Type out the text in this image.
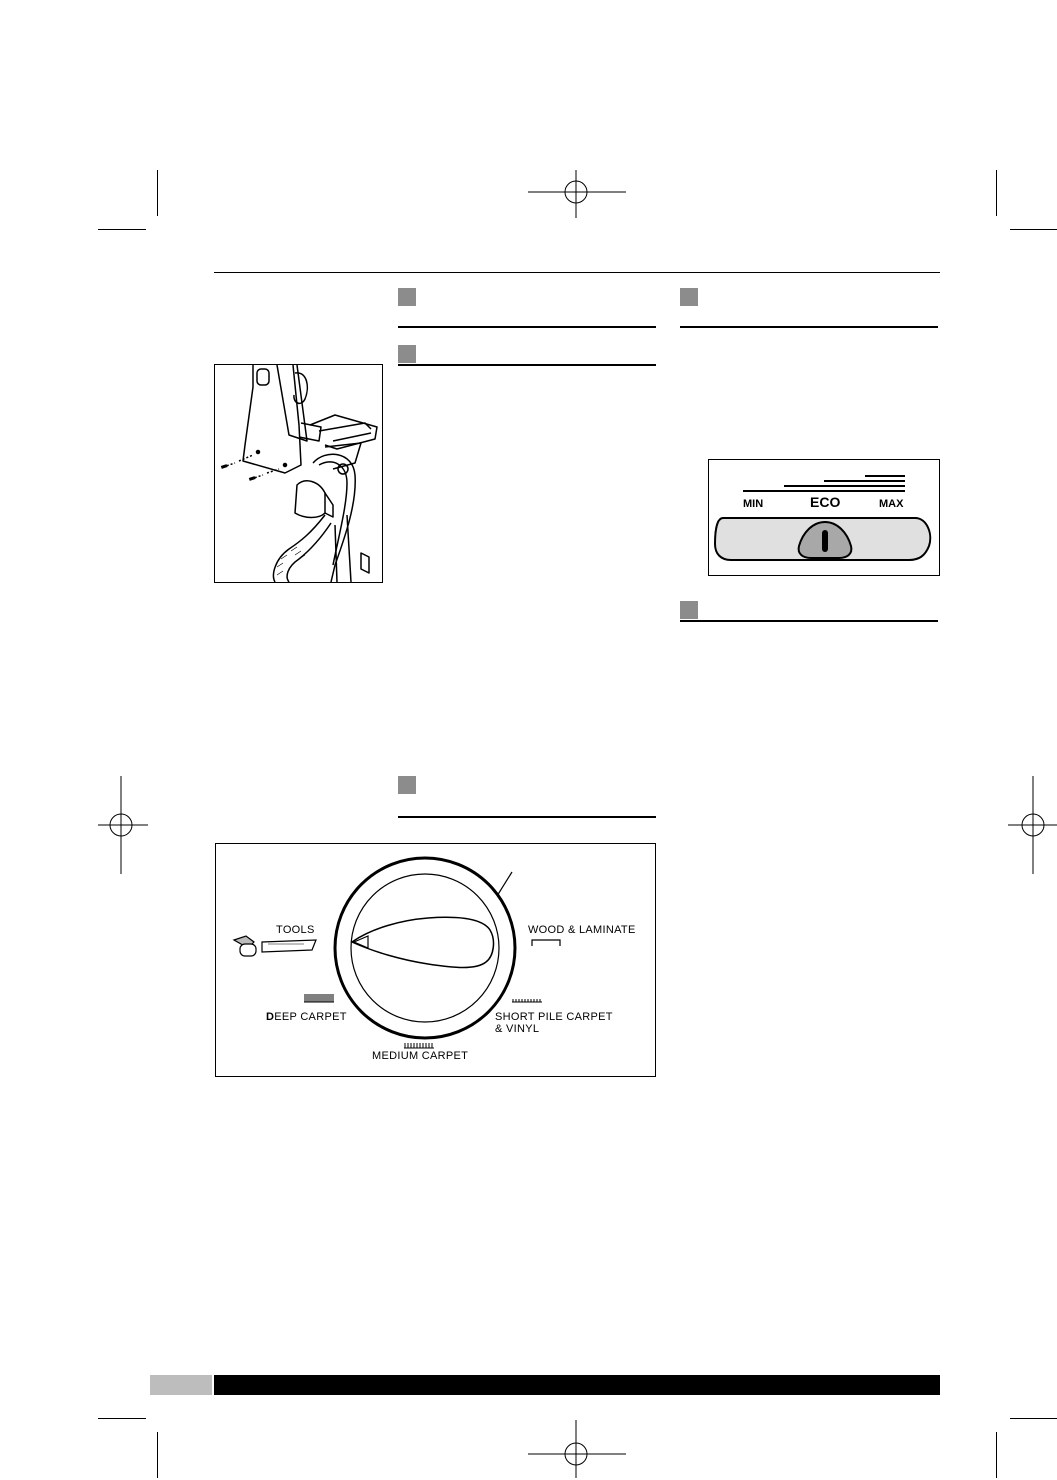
MIN	ECO	MAX
TOOLS	WOOD & LAMINATE
DEEP CARPET	SHORT PILE CARPET
& VINYL
MEDIUM CARPET
